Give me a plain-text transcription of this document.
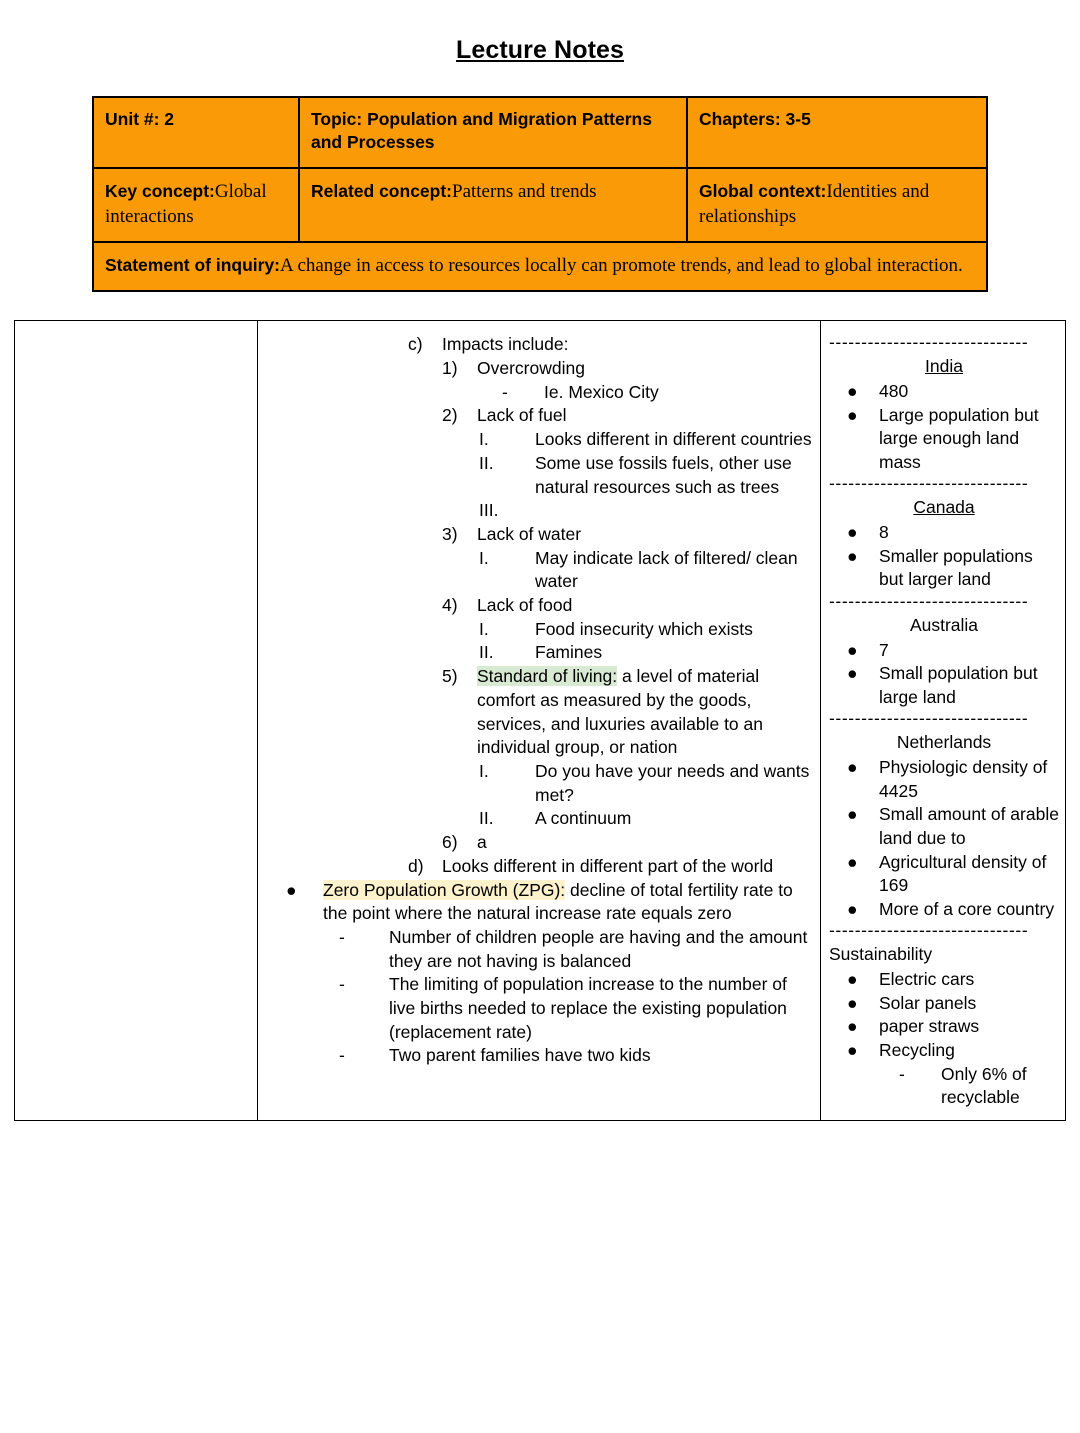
Lecture Notes
Unit #: 2	Topic: Population and Migration Patterns and Processes	Chapters: 3-5
Key concept:Global interactions	Related concept:Patterns and trends	Global context:Identities and relationships
Statement of inquiry:A change in access to resources locally can promote trends, and lead to global interaction.		

c)	Impacts include:
1)	Overcrowding
-	Ie. Mexico City
2)	Lack of fuel
I.	Looks different in different countries
II.	Some use fossils fuels, other use natural resources such as trees
III.
3)	Lack of water
I.	May indicate lack of filtered/ clean water
4)	Lack of food
I.	Food insecurity which exists
II.	Famines
5)	Standard of living: a level of material comfort as measured by the goods, services, and luxuries available to an individual group, or nation
I.	Do you have your needs and wants met?
II.	A continuum
6)	a
d)	Looks different in different part of the world
●	Zero Population Growth (ZPG): decline of total fertility rate to the point where the natural increase rate equals zero
-	Number of children people are having and the amount they are not having is balanced
-	The limiting of population increase to the number of live births needed to replace the existing population (replacement rate)
-	Two parent families have two kids

-------------------------------
India
●	480
●	Large population but large enough land mass
-------------------------------
Canada
●	8
●	Smaller populations but larger land
-------------------------------
Australia
●	7
●	Small population but large land
-------------------------------
Netherlands
●	Physiologic density of 4425
●	Small amount of arable land due to
●	Agricultural density of 169
●	More of a core country
-------------------------------
Sustainability
●	Electric cars
●	Solar panels
●	paper straws
●	Recycling
-	Only 6% of recyclable
